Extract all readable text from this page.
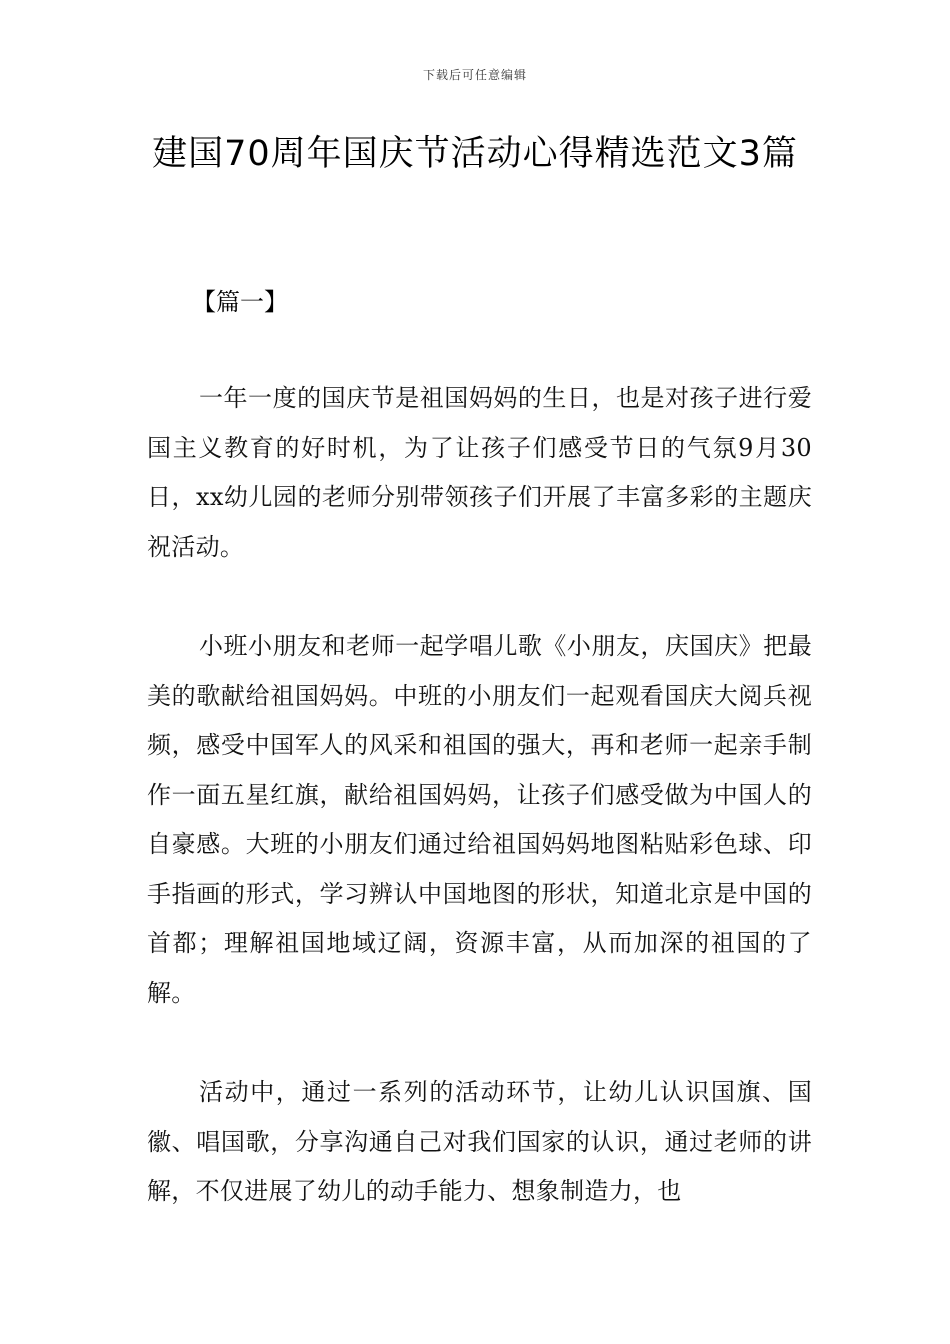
下载后可任意编辑
建国70周年国庆节活动心得精选范文3篇
【篇一】

一年一度的国庆节是祖国妈妈的生日，也是对孩子进行爱国主义教育的好时机，为了让孩子们感受节日的气氛9月30日，xx幼儿园的老师分别带领孩子们开展了丰富多彩的主题庆祝活动。

小班小朋友和老师一起学唱儿歌《小朋友，庆国庆》把最美的歌献给祖国妈妈。中班的小朋友们一起观看国庆大阅兵视频，感受中国军人的风采和祖国的强大，再和老师一起亲手制作一面五星红旗，献给祖国妈妈，让孩子们感受做为中国人的自豪感。大班的小朋友们通过给祖国妈妈地图粘贴彩色球、印手指画的形式，学习辨认中国地图的形状，知道北京是中国的首都；理解祖国地域辽阔，资源丰富，从而加深的祖国的了解。

活动中，通过一系列的活动环节，让幼儿认识国旗、国徽、唱国歌，分享沟通自己对我们国家的认识，通过老师的讲解，不仅进展了幼儿的动手能力、想象制造力，也
